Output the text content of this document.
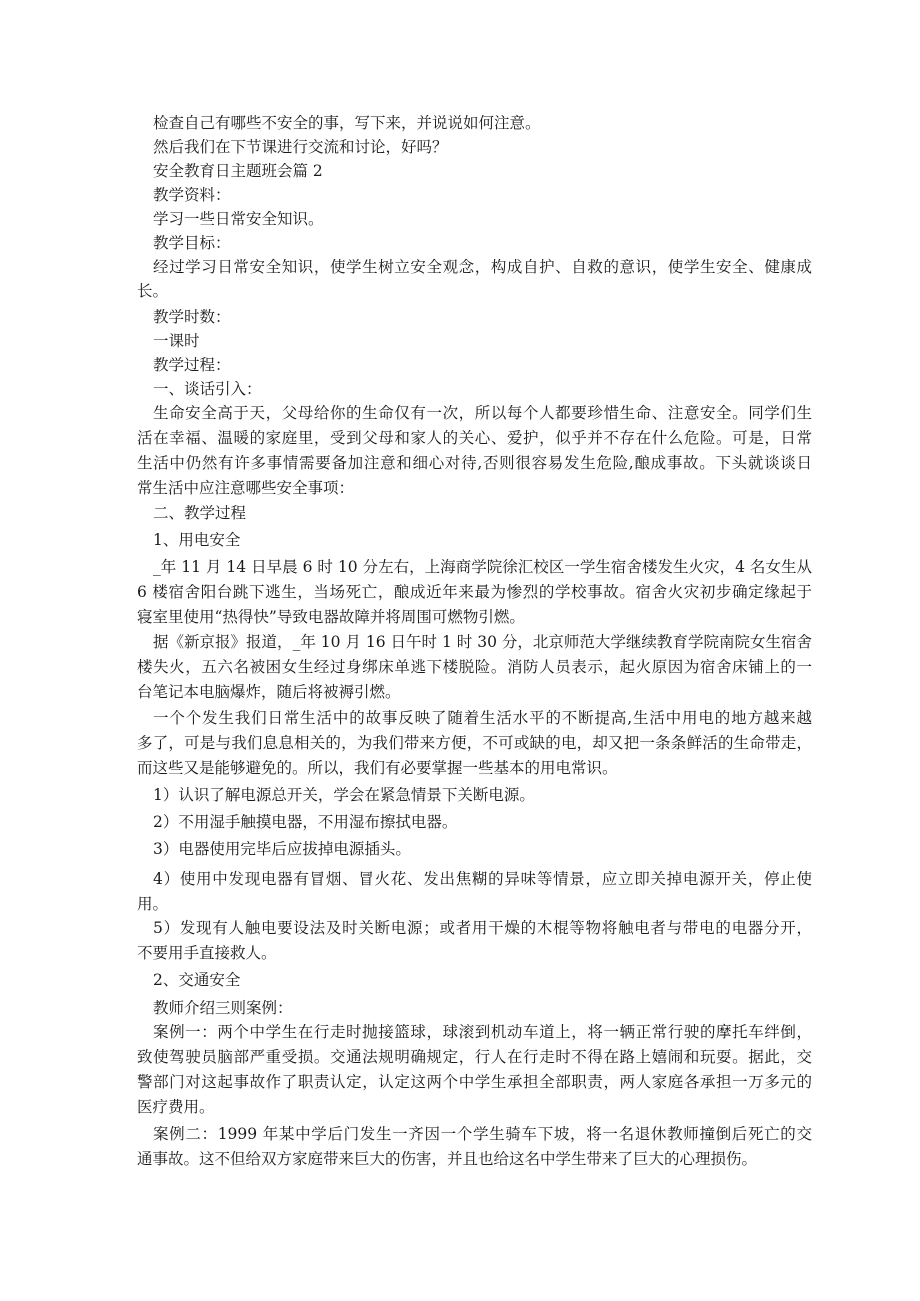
检查自己有哪些不安全的事，写下来，并说说如何注意。
然后我们在下节课进行交流和讨论，好吗？
安全教育日主题班会篇 2
教学资料：
学习一些日常安全知识。
教学目标：
经过学习日常安全知识，使学生树立安全观念，构成自护、自救的意识，使学生安全、健康成
长。
教学时数：
一课时
教学过程：
一、谈话引入：
生命安全高于天，父母给你的生命仅有一次，所以每个人都要珍惜生命、注意安全。同学们生
活在幸福、温暖的家庭里，受到父母和家人的关心、爱护，似乎并不存在什么危险。可是，日常
生活中仍然有许多事情需要备加注意和细心对待,否则很容易发生危险,酿成事故。下头就谈谈日
常生活中应注意哪些安全事项：
二、教学过程
1、用电安全
_年 11 月 14 日早晨 6 时 10 分左右，上海商学院徐汇校区一学生宿舍楼发生火灾，4 名女生从
6 楼宿舍阳台跳下逃生，当场死亡，酿成近年来最为惨烈的学校事故。宿舍火灾初步确定缘起于
寝室里使用“热得快”导致电器故障并将周围可燃物引燃。
据《新京报》报道，_年 10 月 16 日午时 1 时 30 分，北京师范大学继续教育学院南院女生宿舍
楼失火，五六名被困女生经过身绑床单逃下楼脱险。消防人员表示，起火原因为宿舍床铺上的一
台笔记本电脑爆炸，随后将被褥引燃。
一个个发生我们日常生活中的故事反映了随着生活水平的不断提高,生活中用电的地方越来越
多了，可是与我们息息相关的，为我们带来方便，不可或缺的电，却又把一条条鲜活的生命带走，
而这些又是能够避免的。所以，我们有必要掌握一些基本的用电常识。
1）认识了解电源总开关，学会在紧急情景下关断电源。
2）不用湿手触摸电器，不用湿布擦拭电器。
3）电器使用完毕后应拔掉电源插头。
4）使用中发现电器有冒烟、冒火花、发出焦糊的异味等情景，应立即关掉电源开关，停止使
用。
5）发现有人触电要设法及时关断电源；或者用干燥的木棍等物将触电者与带电的电器分开，
不要用手直接救人。
2、交通安全
教师介绍三则案例：
案例一：两个中学生在行走时抛接篮球，球滚到机动车道上，将一辆正常行驶的摩托车绊倒，
致使驾驶员脑部严重受损。交通法规明确规定，行人在行走时不得在路上嬉闹和玩耍。据此，交
警部门对这起事故作了职责认定，认定这两个中学生承担全部职责，两人家庭各承担一万多元的
医疗费用。
案例二：1999 年某中学后门发生一齐因一个学生骑车下坡，将一名退休教师撞倒后死亡的交
通事故。这不但给双方家庭带来巨大的伤害，并且也给这名中学生带来了巨大的心理损伤。
